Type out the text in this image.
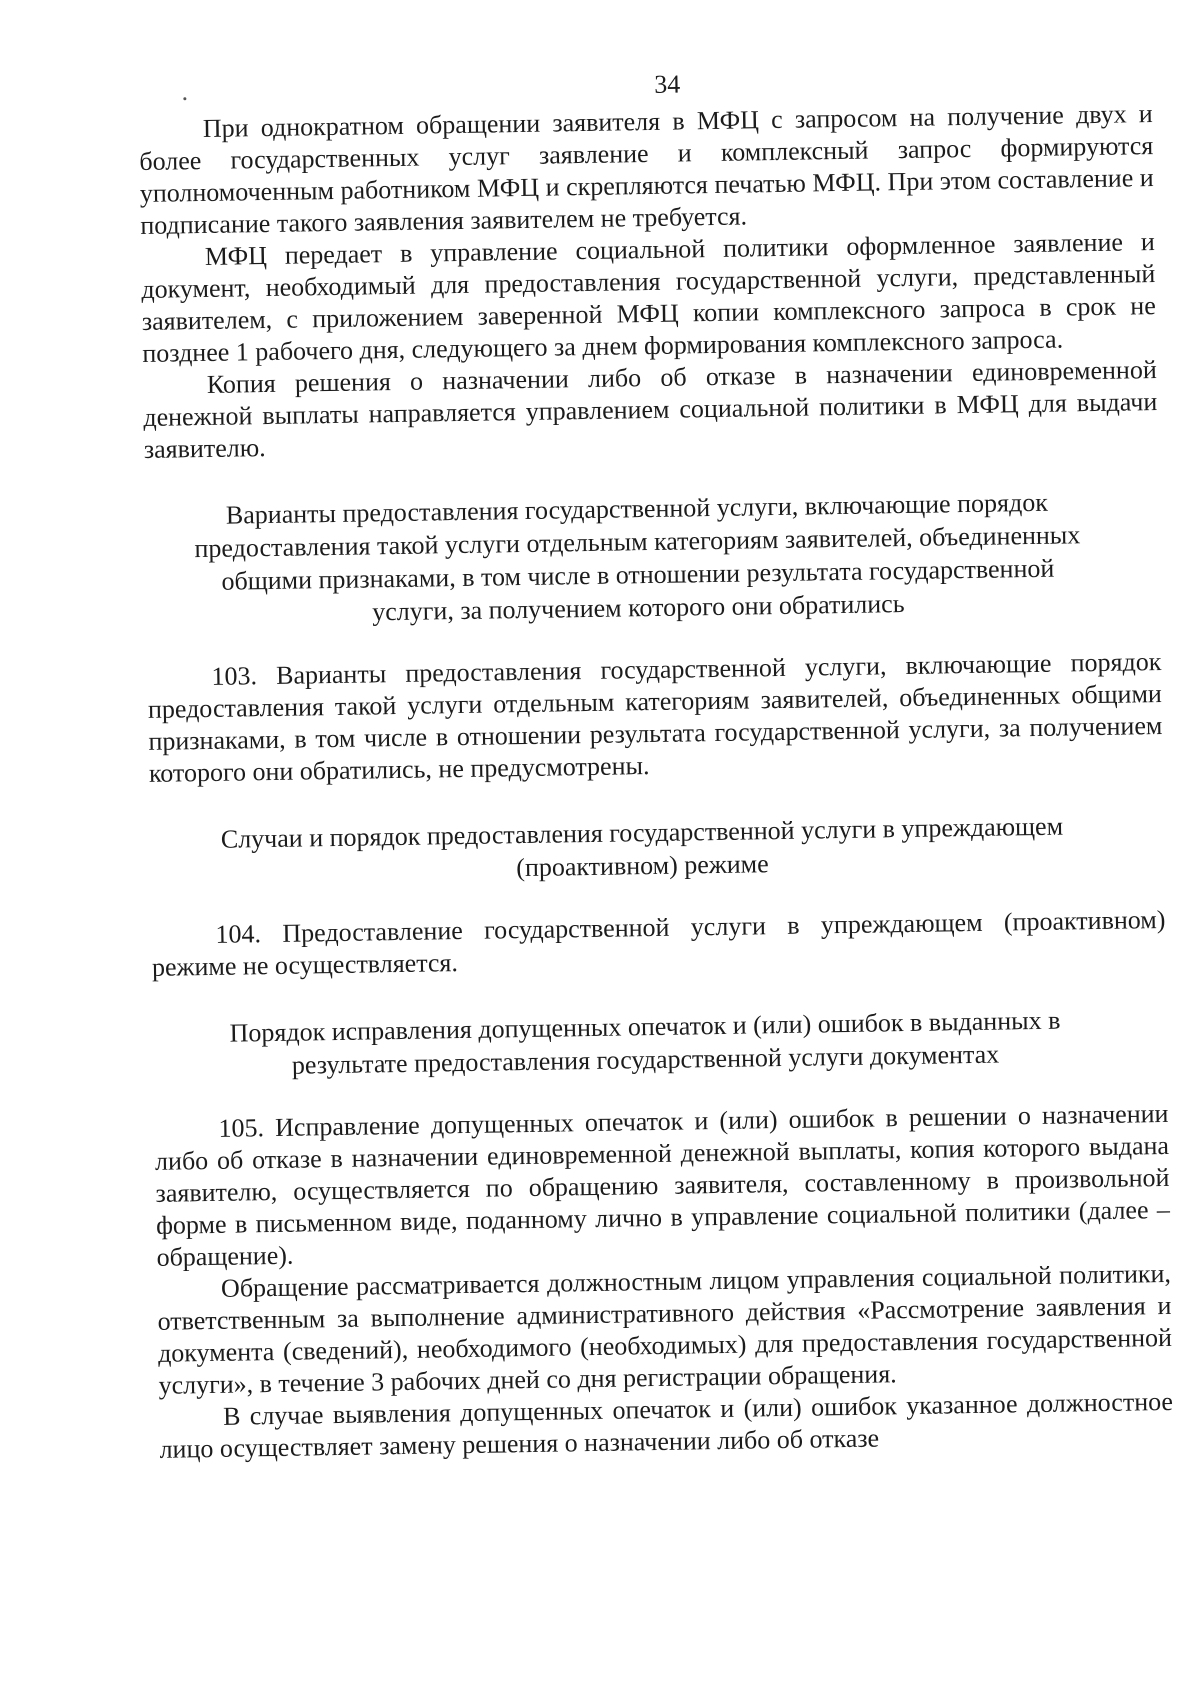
34

При однократном обращении заявителя в МФЦ с запросом на получение двух и более государственных услуг заявление и комплексный запрос формируются уполномоченным работником МФЦ и скрепляются печатью МФЦ. При этом составление и подписание такого заявления заявителем не требуется.

МФЦ передает в управление социальной политики оформленное заявление и документ, необходимый для предоставления государственной услуги, представленный заявителем, с приложением заверенной МФЦ копии комплексного запроса в срок не позднее 1 рабочего дня, следующего за днем формирования комплексного запроса.

Копия решения о назначении либо об отказе в назначении единовременной денежной выплаты направляется управлением социальной политики в МФЦ для выдачи заявителю.

Варианты предоставления государственной услуги, включающие порядок предоставления такой услуги отдельным категориям заявителей, объединенных общими признаками, в том числе в отношении результата государственной услуги, за получением которого они обратились

103. Варианты предоставления государственной услуги, включающие порядок предоставления такой услуги отдельным категориям заявителей, объединенных общими признаками, в том числе в отношении результата государственной услуги, за получением которого они обратились, не предусмотрены.

Случаи и порядок предоставления государственной услуги в упреждающем (проактивном) режиме

104. Предоставление государственной услуги в упреждающем (проактивном) режиме не осуществляется.

Порядок исправления допущенных опечаток и (или) ошибок в выданных в результате предоставления государственной услуги документах

105. Исправление допущенных опечаток и (или) ошибок в решении о назначении либо об отказе в назначении единовременной денежной выплаты, копия которого выдана заявителю, осуществляется по обращению заявителя, составленному в произвольной форме в письменном виде, поданному лично в управление социальной политики (далее – обращение).

Обращение рассматривается должностным лицом управления социальной политики, ответственным за выполнение административного действия «Рассмотрение заявления и документа (сведений), необходимого (необходимых) для предоставления государственной услуги», в течение 3 рабочих дней со дня регистрации обращения.

В случае выявления допущенных опечаток и (или) ошибок указанное должностное лицо осуществляет замену решения о назначении либо об отказе
